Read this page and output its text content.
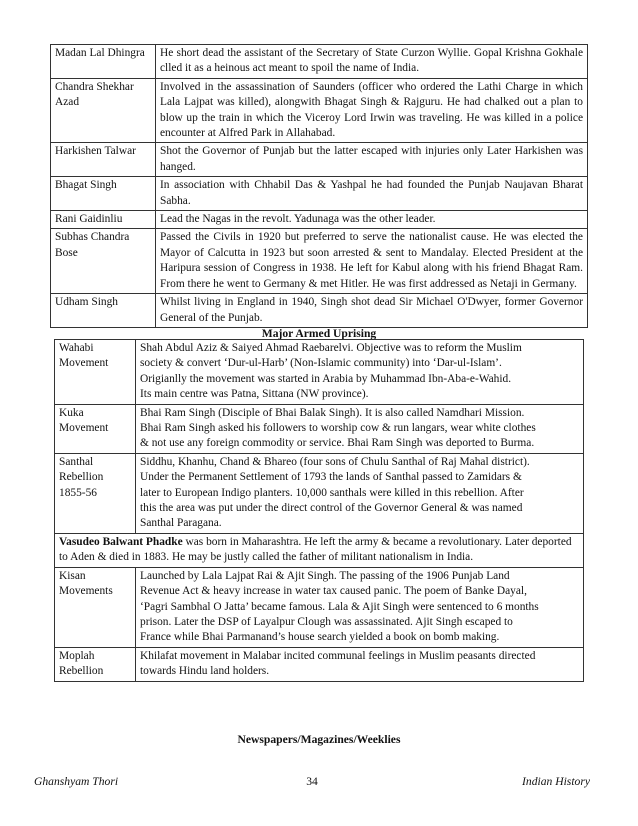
Madan Lal Dhingra	He short dead the assistant of the Secretary of State Curzon Wyllie. Gopal Krishna Gokhale clled it as a heinous act meant to spoil the name of India.
Chandra Shekhar Azad	Involved in the assassination of Saunders (officer who ordered the Lathi Charge in which Lala Lajpat was killed), alongwith Bhagat Singh & Rajguru. He had chalked out a plan to blow up the train in which the Viceroy Lord Irwin was traveling. He was killed in a police encounter at Alfred Park in Allahabad.
Harkishen Talwar	Shot the Governor of Punjab but the latter escaped with injuries only Later Harkishen was hanged.
Bhagat Singh	In association with Chhabil Das & Yashpal he had founded the Punjab Naujavan Bharat Sabha.
Rani Gaidinliu	Lead the Nagas in the revolt. Yadunaga was the other leader.
Subhas Chandra Bose	Passed the Civils in 1920 but preferred to serve the nationalist cause. He was elected the Mayor of Calcutta in 1923 but soon arrested & sent to Mandalay. Elected President at the Haripura session of Congress in 1938. He left for Kabul along with his friend Bhagat Ram. From there he went to Germany & met Hitler. He was first addressed as Netaji in Germany.
Udham Singh	Whilst living in England in 1940, Singh shot dead Sir Michael O'Dwyer, former Governor General of the Punjab.
Major Armed Uprising
Wahabi Movement	Shah Abdul Aziz & Saiyed Ahmad Raebarelvi. Objective was to reform the Muslim
society & convert ‘Dur-ul-Harb’ (Non-Islamic community) into ‘Dar-ul-Islam’.
Origianlly the movement was started in Arabia by Muhammad Ibn-Aba-e-Wahid.
Its main centre was Patna, Sittana (NW province).
Kuka Movement	Bhai Ram Singh (Disciple of Bhai Balak Singh). It is also called Namdhari Mission.
Bhai Ram Singh asked his followers to worship cow & run langars, wear white clothes
& not use any foreign commodity or service. Bhai Ram Singh was deported to Burma.
Santhal Rebellion 1855-56	Siddhu, Khanhu, Chand & Bhareo (four sons of Chulu Santhal of Raj Mahal district).
Under the Permanent Settlement of 1793 the lands of Santhal passed to Zamidars &
later to European Indigo planters. 10,000 santhals were killed in this rebellion. After
this the area was put under the direct control of the Governor General & was named
Santhal Paragana.
Vasudeo Balwant Phadke was born in Maharashtra. He left the army & became a revolutionary. Later deported to Aden & died in 1883. He may be justly called the father of militant nationalism in India.	
Kisan Movements	Launched by Lala Lajpat Rai & Ajit Singh. The passing of the 1906 Punjab Land
Revenue Act & heavy increase in water tax caused panic. The poem of Banke Dayal,
‘Pagri Sambhal O Jatta’ became famous. Lala & Ajit Singh were sentenced to 6 months
prison. Later the DSP of Layalpur Clough was assassinated. Ajit Singh escaped to
France while Bhai Parmanand’s house search yielded a book on bomb making.
Moplah Rebellion	Khilafat movement in Malabar incited communal feelings in Muslim peasants directed
towards Hindu land holders.
Newspapers/Magazines/Weeklies
Ghanshyam Thori	34	Indian History
